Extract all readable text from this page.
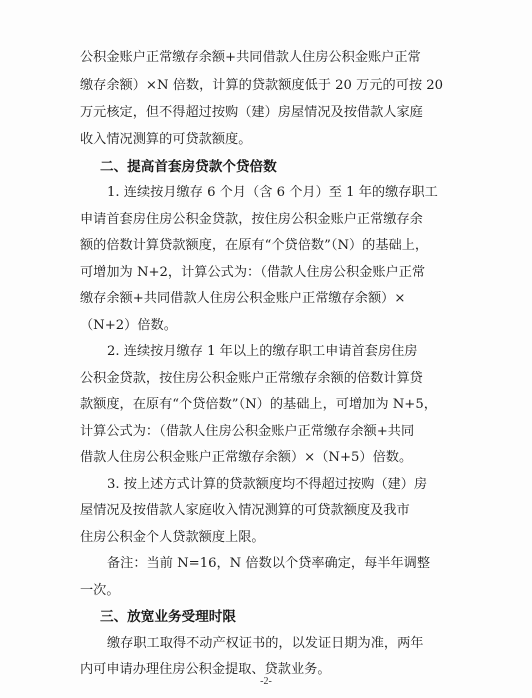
公积金账户正常缴存余额+共同借款人住房公积金账户正常
缴存余额）×N 倍数，计算的贷款额度低于 20 万元的可按 20
万元核定，但不得超过按购（建）房屋情况及按借款人家庭
收入情况测算的可贷款额度。
二、提高首套房贷款个贷倍数
1. 连续按月缴存 6 个月（含 6 个月）至 1 年的缴存职工
申请首套房住房公积金贷款，按住房公积金账户正常缴存余
额的倍数计算贷款额度，在原有“个贷倍数”（N）的基础上，
可增加为 N+2，计算公式为：（借款人住房公积金账户正常
缴存余额+共同借款人住房公积金账户正常缴存余额）×
（N+2）倍数。
2. 连续按月缴存 1 年以上的缴存职工申请首套房住房
公积金贷款，按住房公积金账户正常缴存余额的倍数计算贷
款额度，在原有“个贷倍数”（N）的基础上，可增加为 N+5，
计算公式为：（借款人住房公积金账户正常缴存余额+共同
借款人住房公积金账户正常缴存余额）×（N+5）倍数。
3. 按上述方式计算的贷款额度均不得超过按购（建）房
屋情况及按借款人家庭收入情况测算的可贷款额度及我市
住房公积金个人贷款额度上限。
备注：当前 N=16，N 倍数以个贷率确定，每半年调整
一次。
三、放宽业务受理时限
缴存职工取得不动产权证书的，以发证日期为准，两年
内可申请办理住房公积金提取、贷款业务。
-2-
